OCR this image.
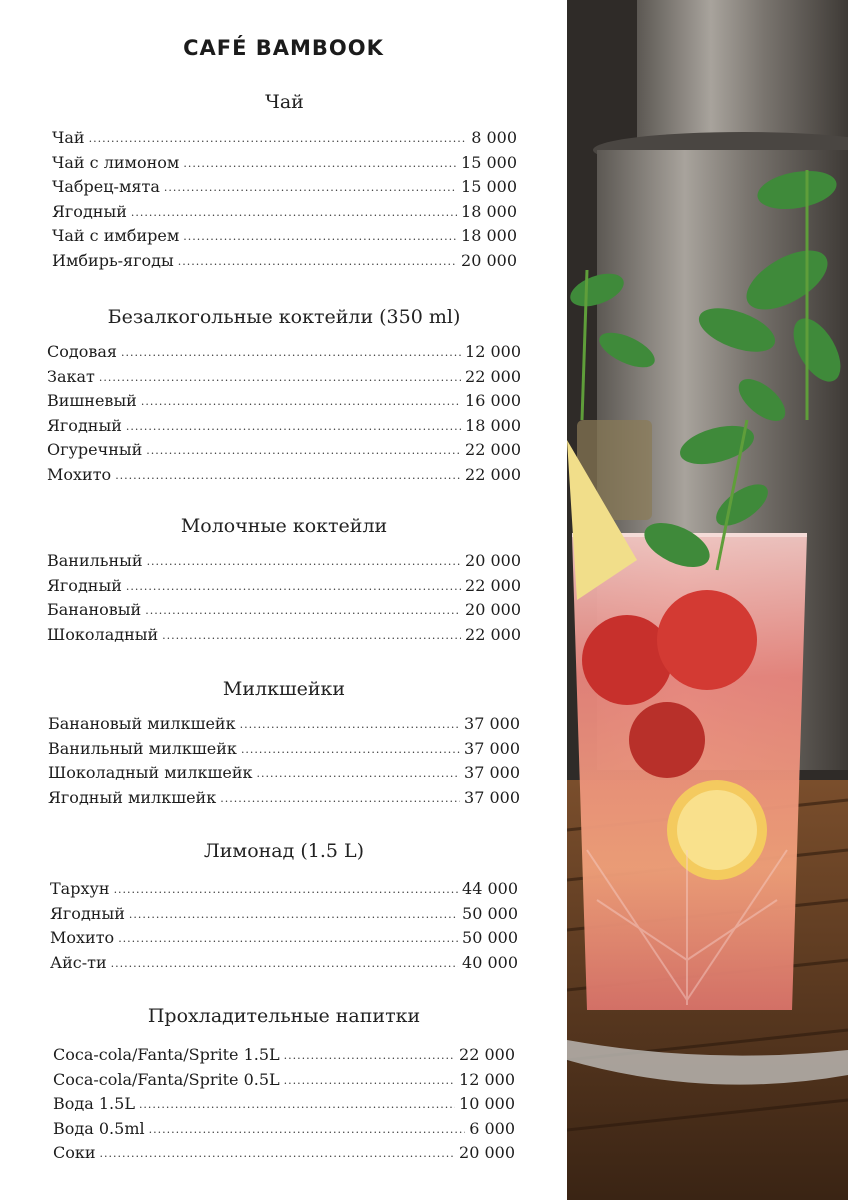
CAFÉ BAMBOOK
Чай
Чай .....	8 000
Чай с лимоном .....	15 000
Чабрец-мята .....	15 000
Ягодный .....	18 000
Чай с имбирем .....	18 000
Имбирь-ягоды .....	20 000
Безалкогольные коктейли (350 ml)
Содовая .....	12 000
Закат .....	22 000
Вишневый .....	16 000
Ягодный .....	18 000
Огуречный .....	22 000
Мохито .....	22 000
Молочные коктейли
Ванильный .....	20 000
Ягодный .....	22 000
Банановый .....	20 000
Шоколадный .....	22 000
Милкшейки
Банановый милкшейк .....	37 000
Ванильный милкшейк .....	37 000
Шоколадный милкшейк .....	37 000
Ягодный милкшейк .....	37 000
Лимонад (1.5 L)
Тархун .....	44 000
Ягодный .....	50 000
Мохито .....	50 000
Айс-ти .....	40 000
Прохладительные напитки
Coca-cola/Fanta/Sprite 1.5L .....	22 000
Coca-cola/Fanta/Sprite 0.5L .....	12 000
Вода 1.5L .....	10 000
Вода 0.5ml .....	6 000
Соки .....	20 000
